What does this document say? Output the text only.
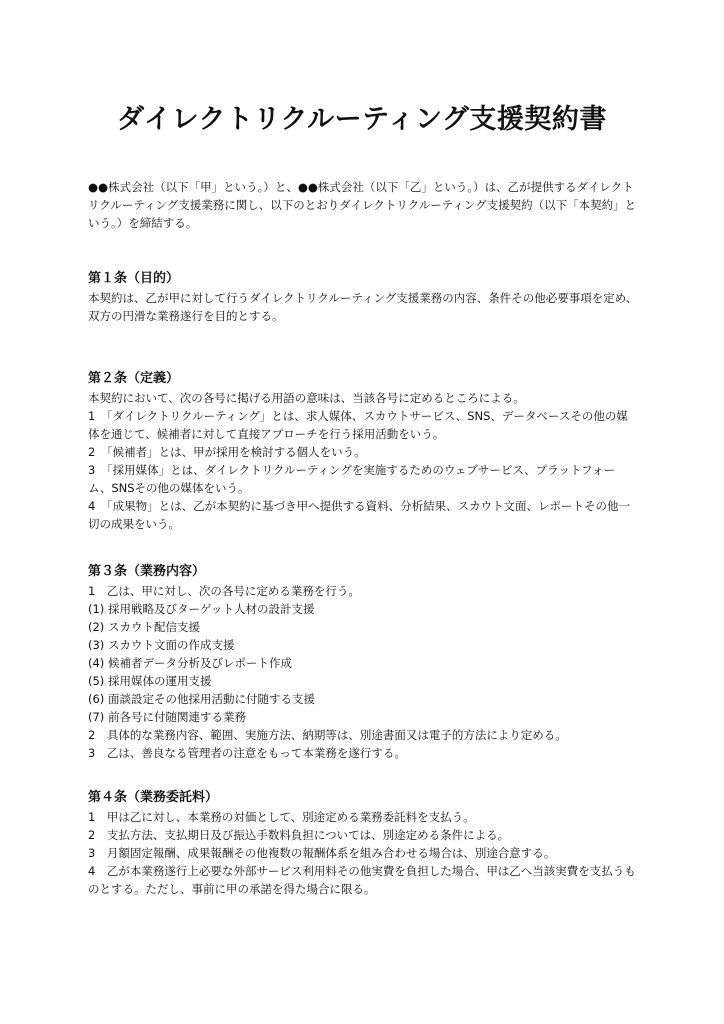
ダイレクトリクルーティング支援契約書
●●株式会社（以下「甲」という。）と、●●株式会社（以下「乙」という。）は、乙が提供するダイレクトリクルーティング支援業務に関し、以下のとおりダイレクトリクルーティング支援契約（以下「本契約」という。）を締結する。
第１条（目的）
本契約は、乙が甲に対して行うダイレクトリクルーティング支援業務の内容、条件その他必要事項を定め、双方の円滑な業務遂行を目的とする。
第２条（定義）
本契約において、次の各号に掲げる用語の意味は、当該各号に定めるところによる。
1　「ダイレクトリクルーティング」とは、求人媒体、スカウトサービス、SNS、データベースその他の媒体を通じて、候補者に対して直接アプローチを行う採用活動をいう。
2　「候補者」とは、甲が採用を検討する個人をいう。
3　「採用媒体」とは、ダイレクトリクルーティングを実施するためのウェブサービス、プラットフォーム、SNSその他の媒体をいう。
4　「成果物」とは、乙が本契約に基づき甲へ提供する資料、分析結果、スカウト文面、レポートその他一切の成果をいう。
第３条（業務内容）
1　乙は、甲に対し、次の各号に定める業務を行う。
(1) 採用戦略及びターゲット人材の設計支援
(2) スカウト配信支援
(3) スカウト文面の作成支援
(4) 候補者データ分析及びレポート作成
(5) 採用媒体の運用支援
(6) 面談設定その他採用活動に付随する支援
(7) 前各号に付随関連する業務
2　具体的な業務内容、範囲、実施方法、納期等は、別途書面又は電子的方法により定める。
3　乙は、善良なる管理者の注意をもって本業務を遂行する。
第４条（業務委託料）
1　甲は乙に対し、本業務の対価として、別途定める業務委託料を支払う。
2　支払方法、支払期日及び振込手数料負担については、別途定める条件による。
3　月額固定報酬、成果報酬その他複数の報酬体系を組み合わせる場合は、別途合意する。
4　乙が本業務遂行上必要な外部サービス利用料その他実費を負担した場合、甲は乙へ当該実費を支払うものとする。ただし、事前に甲の承諾を得た場合に限る。
